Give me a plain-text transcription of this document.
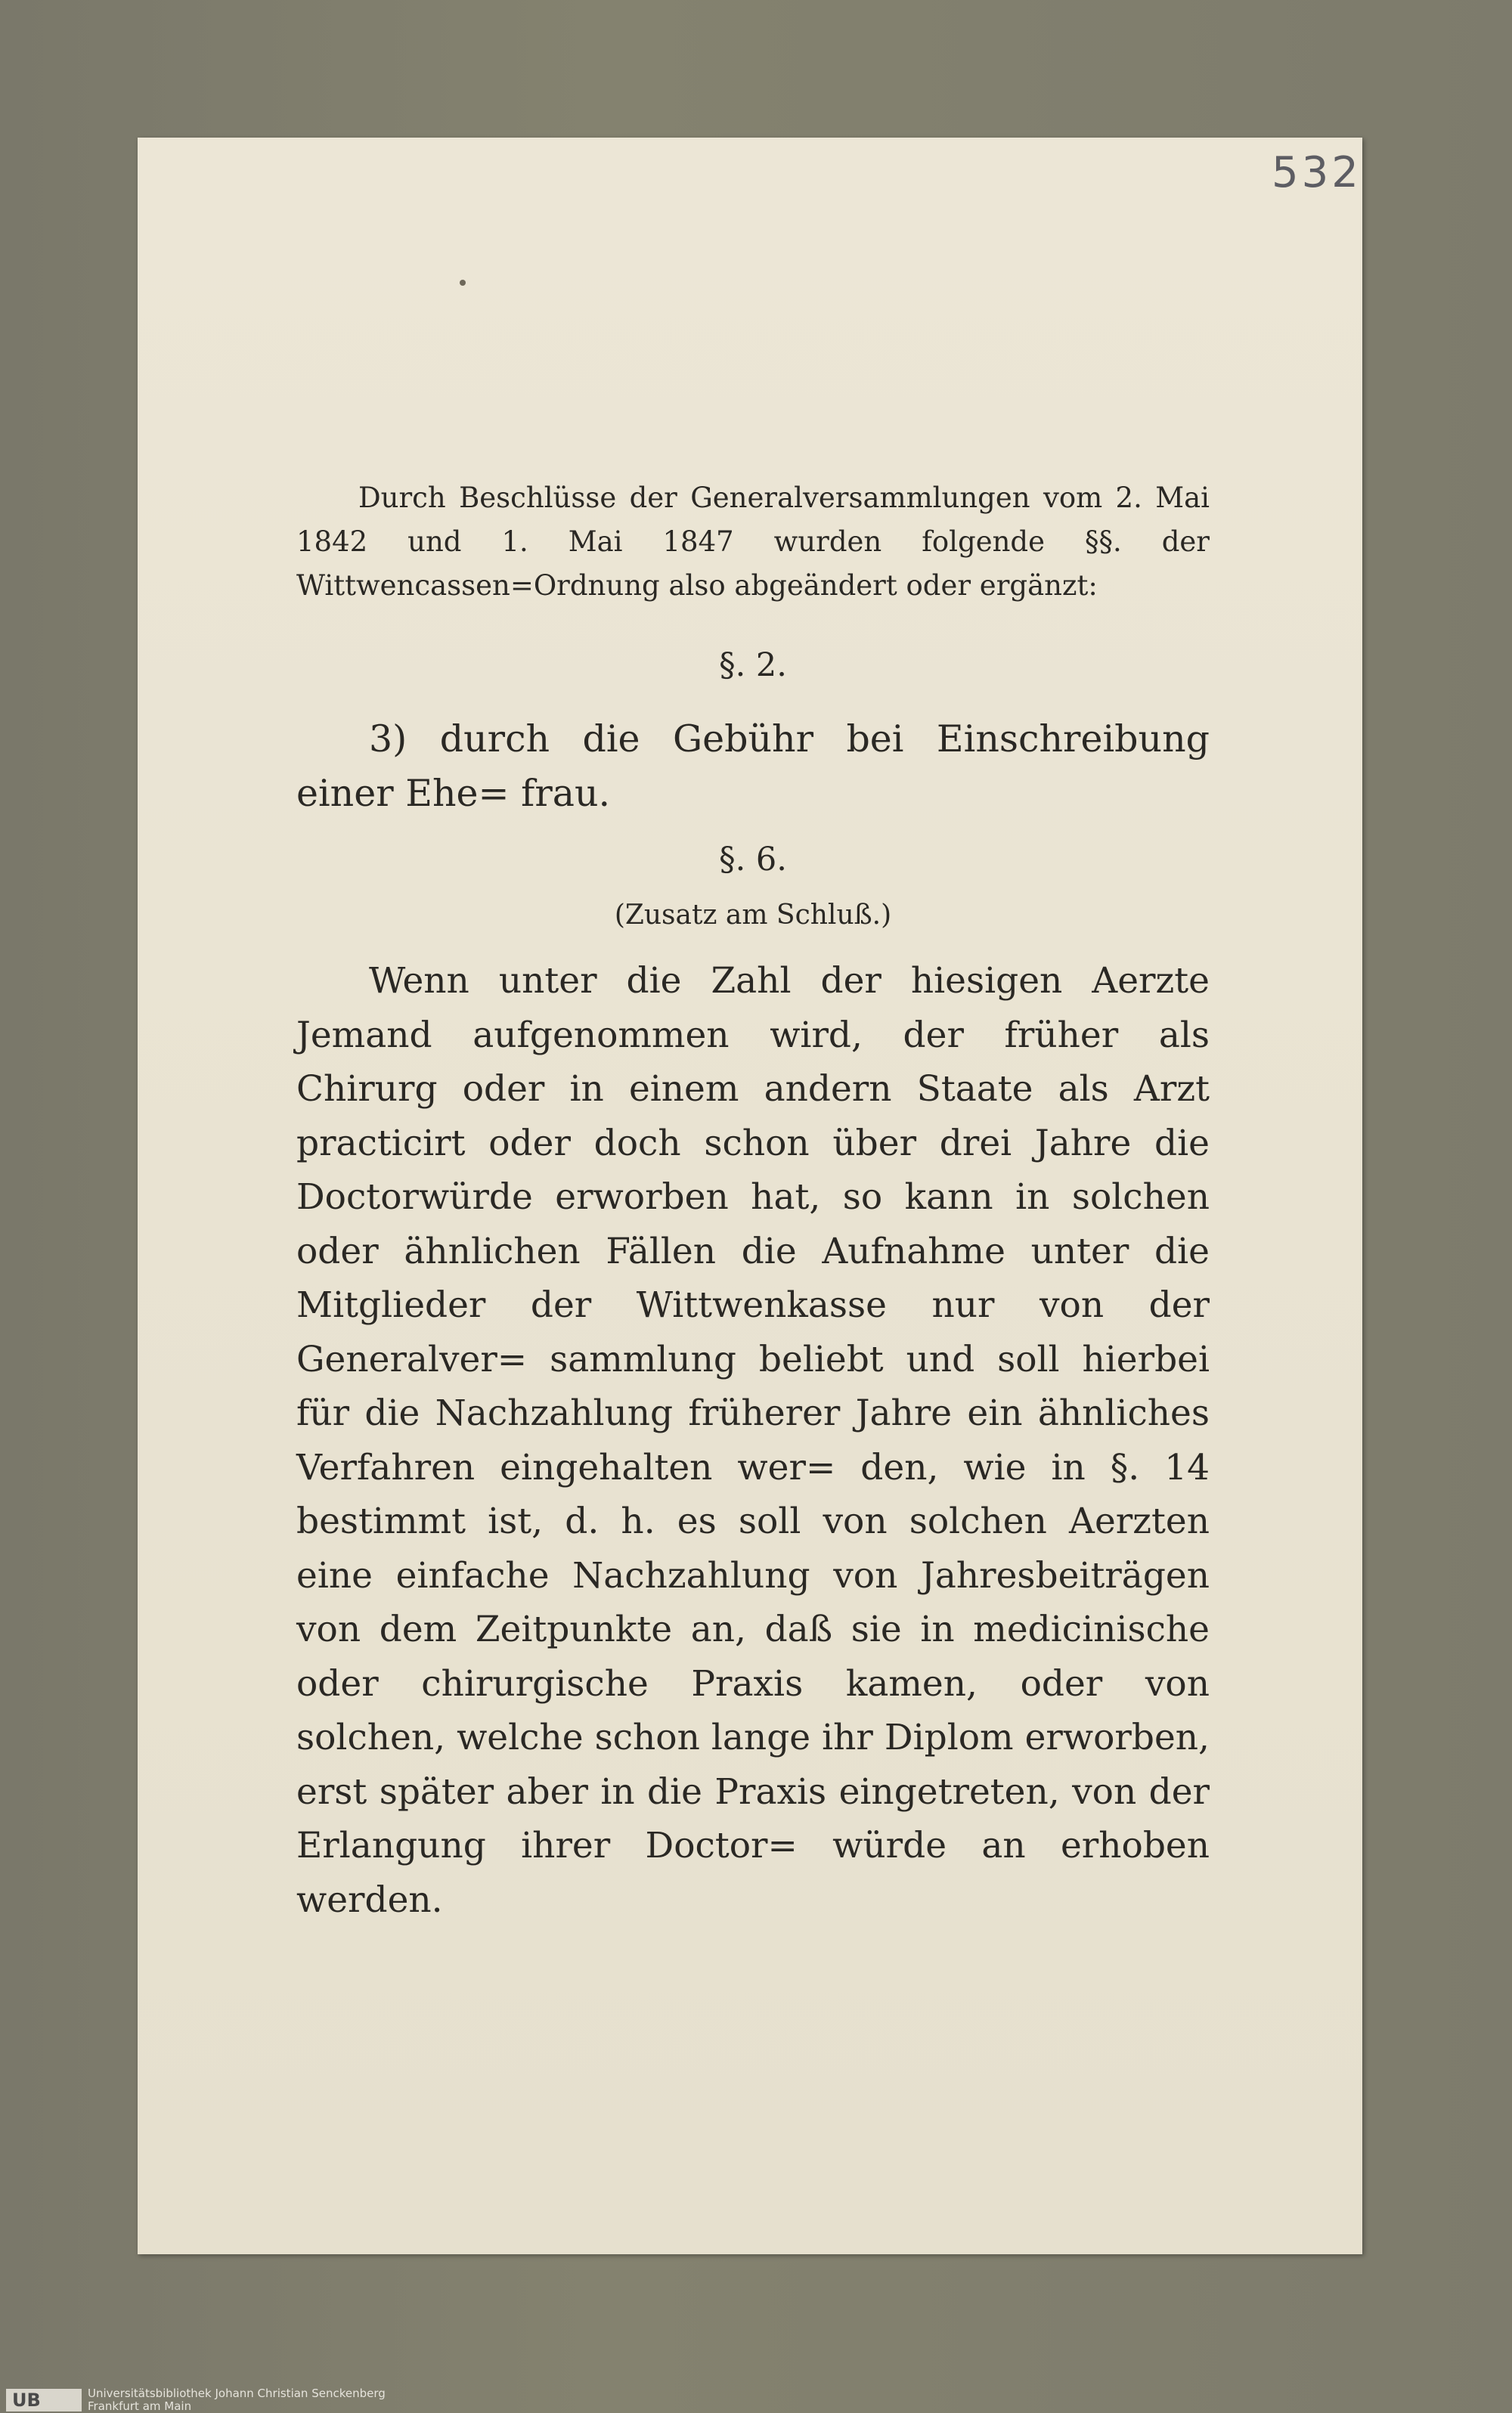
532

Durch Beschlüsse der Generalversammlungen vom 2. Mai 1842 und 1. Mai 1847 wurden folgende §§. der Wittwencassen=Ordnung also abgeändert oder ergänzt:

§. 2.

3) durch die Gebühr bei Einschreibung einer Ehe= frau.

§. 6.
(Zusatz am Schluß.)

Wenn unter die Zahl der hiesigen Aerzte Jemand aufgenommen wird, der früher als Chirurg oder in einem andern Staate als Arzt practicirt oder doch schon über drei Jahre die Doctorwürde erworben hat, so kann in solchen oder ähnlichen Fällen die Aufnahme unter die Mitglieder der Wittwenkasse nur von der Generalver= sammlung beliebt und soll hierbei für die Nachzahlung früherer Jahre ein ähnliches Verfahren eingehalten wer= den, wie in §. 14 bestimmt ist, d. h. es soll von solchen Aerzten eine einfache Nachzahlung von Jahresbeiträgen von dem Zeitpunkte an, daß sie in medicinische oder chirurgische Praxis kamen, oder von solchen, welche schon lange ihr Diplom erworben, erst später aber in die Praxis eingetreten, von der Erlangung ihrer Doctor= würde an erhoben werden.

UB	Universitätsbibliothek Johann Christian Senckenberg
Frankfurt am Main
